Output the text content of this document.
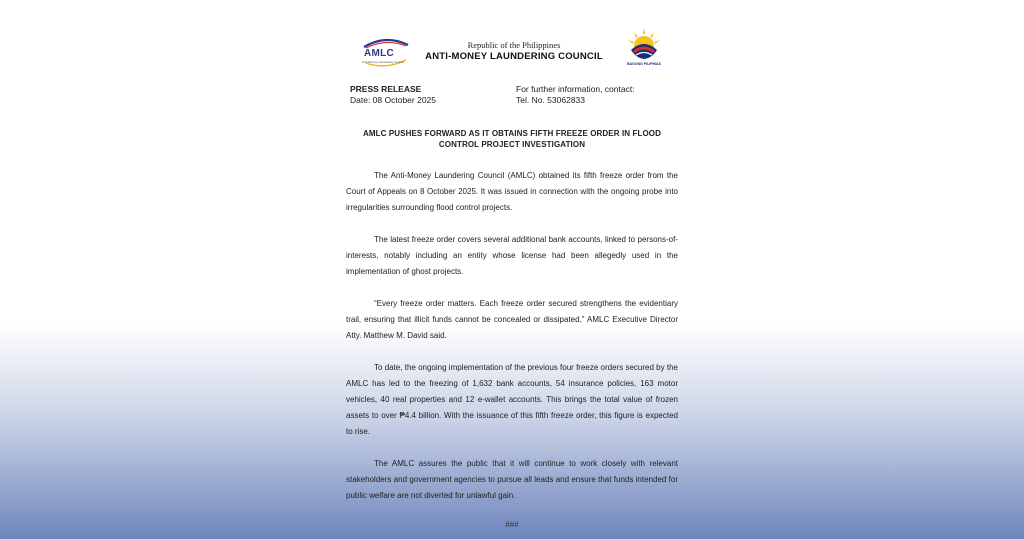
AMLC
Anti-Money Laundering Council
Republic of the Philippines
ANTI-MONEY LAUNDERING COUNCIL
BAGONG PILIPINAS
PRESS RELEASE
Date: 08 October 2025
For further information, contact:
Tel. No. 53062833
AMLC PUSHES FORWARD AS IT OBTAINS FIFTH FREEZE ORDER IN FLOOD CONTROL PROJECT INVESTIGATION

The Anti-Money Laundering Council (AMLC) obtained its fifth freeze order from the Court of Appeals on 8 October 2025. It was issued in connection with the ongoing probe into irregularities surrounding flood control projects.

The latest freeze order covers several additional bank accounts, linked to persons-of-interests, notably including an entity whose license had been allegedly used in the implementation of ghost projects.

“Every freeze order matters. Each freeze order secured strengthens the evidentiary trail, ensuring that illicit funds cannot be concealed or dissipated,” AMLC Executive Director Atty. Matthew M. David said.

To date, the ongoing implementation of the previous four freeze orders secured by the AMLC has led to the freezing of 1,632 bank accounts, 54 insurance policies, 163 motor vehicles, 40 real properties and 12 e-wallet accounts. This brings the total value of frozen assets to over ₱4.4 billion. With the issuance of this fifth freeze order, this figure is expected to rise.

The AMLC assures the public that it will continue to work closely with relevant stakeholders and government agencies to pursue all leads and ensure that funds intended for public welfare are not diverted for unlawful gain.

###
